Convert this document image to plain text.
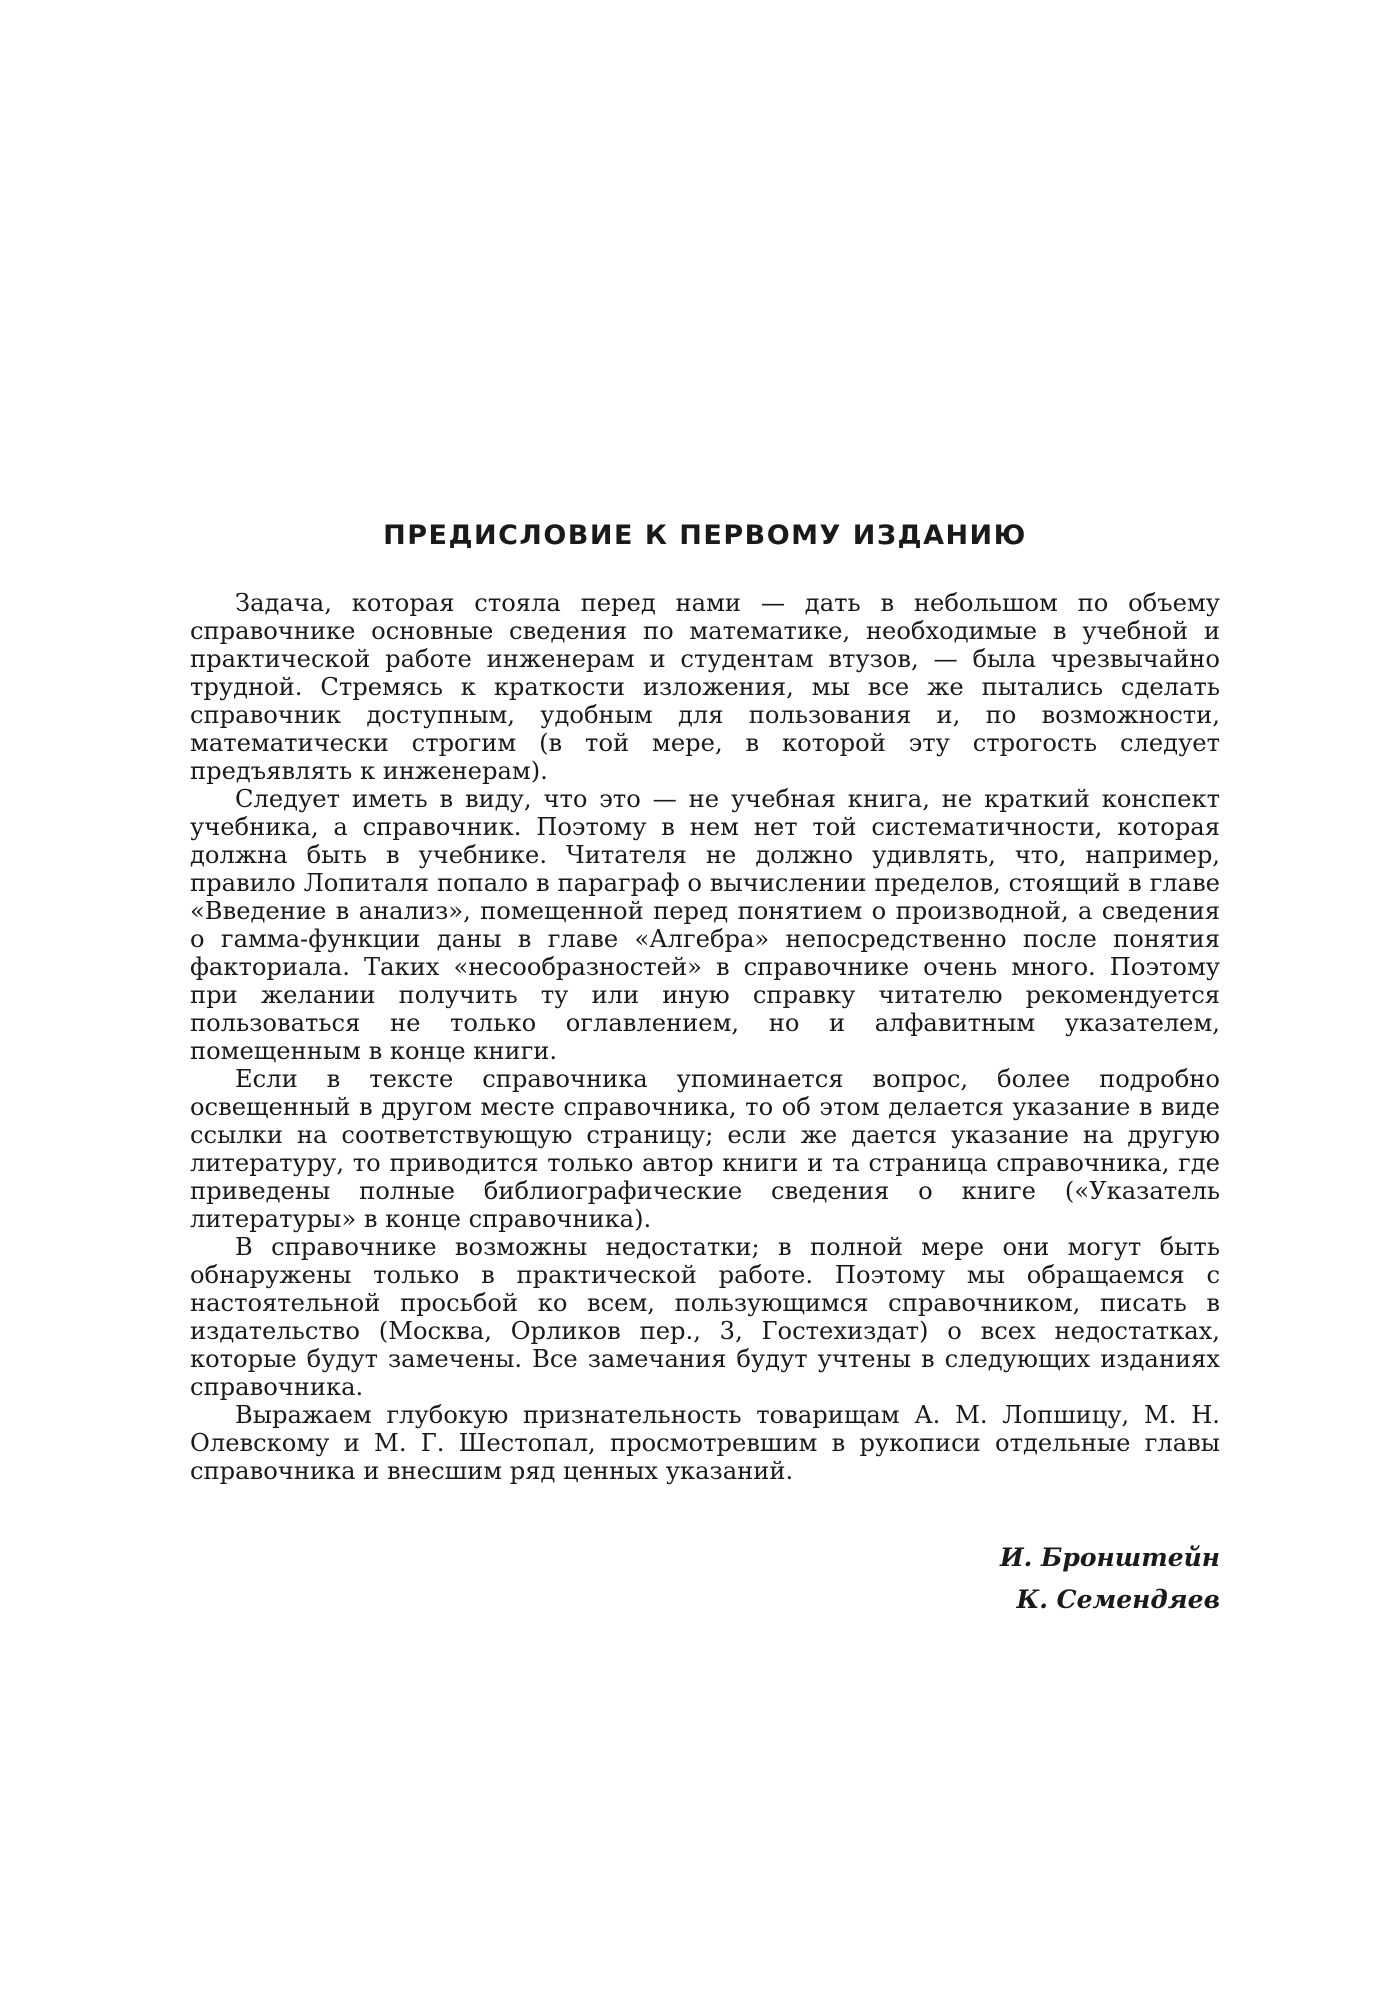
ПРЕДИСЛОВИЕ К ПЕРВОМУ ИЗДАНИЮ

Задача, которая стояла перед нами — дать в небольшом по объему справочнике основные сведения по математике, необходимые в учебной и практической работе инженерам и студентам втузов, — была чрезвычайно трудной. Стремясь к краткости изложения, мы все же пытались сделать справочник доступным, удобным для пользования и, по возможности, математически строгим (в той мере, в которой эту строгость следует предъявлять к инженерам).

Следует иметь в виду, что это — не учебная книга, не краткий конспект учебника, а справочник. Поэтому в нем нет той систематичности, которая должна быть в учебнике. Читателя не должно удивлять, что, например, правило Лопиталя попало в параграф о вычислении пределов, стоящий в главе «Введение в анализ», помещенной перед понятием о производной, а сведения о гамма-функции даны в главе «Алгебра» непосредственно после понятия факториала. Таких «несообразностей» в справочнике очень много. Поэтому при желании получить ту или иную справку читателю рекомендуется пользоваться не только оглавлением, но и алфавитным указателем, помещенным в конце книги.

Если в тексте справочника упоминается вопрос, более подробно освещенный в другом месте справочника, то об этом делается указание в виде ссылки на соответствующую страницу; если же дается указание на другую литературу, то приводится только автор книги и та страница справочника, где приведены полные библиографические сведения о книге («Указатель литературы» в конце справочника).

В справочнике возможны недостатки; в полной мере они могут быть обнаружены только в практической работе. Поэтому мы обращаемся с настоятельной просьбой ко всем, пользующимся справочником, писать в издательство (Москва, Орликов пер., 3, Гостехиздат) о всех недостатках, которые будут замечены. Все замечания будут учтены в следующих изданиях справочника.

Выражаем глубокую признательность товарищам А. М. Лопшицу, М. Н. Олевскому и М. Г. Шестопал, просмотревшим в рукописи отдельные главы справочника и внесшим ряд ценных указаний.

И. Бронштейн
К. Семендяев
